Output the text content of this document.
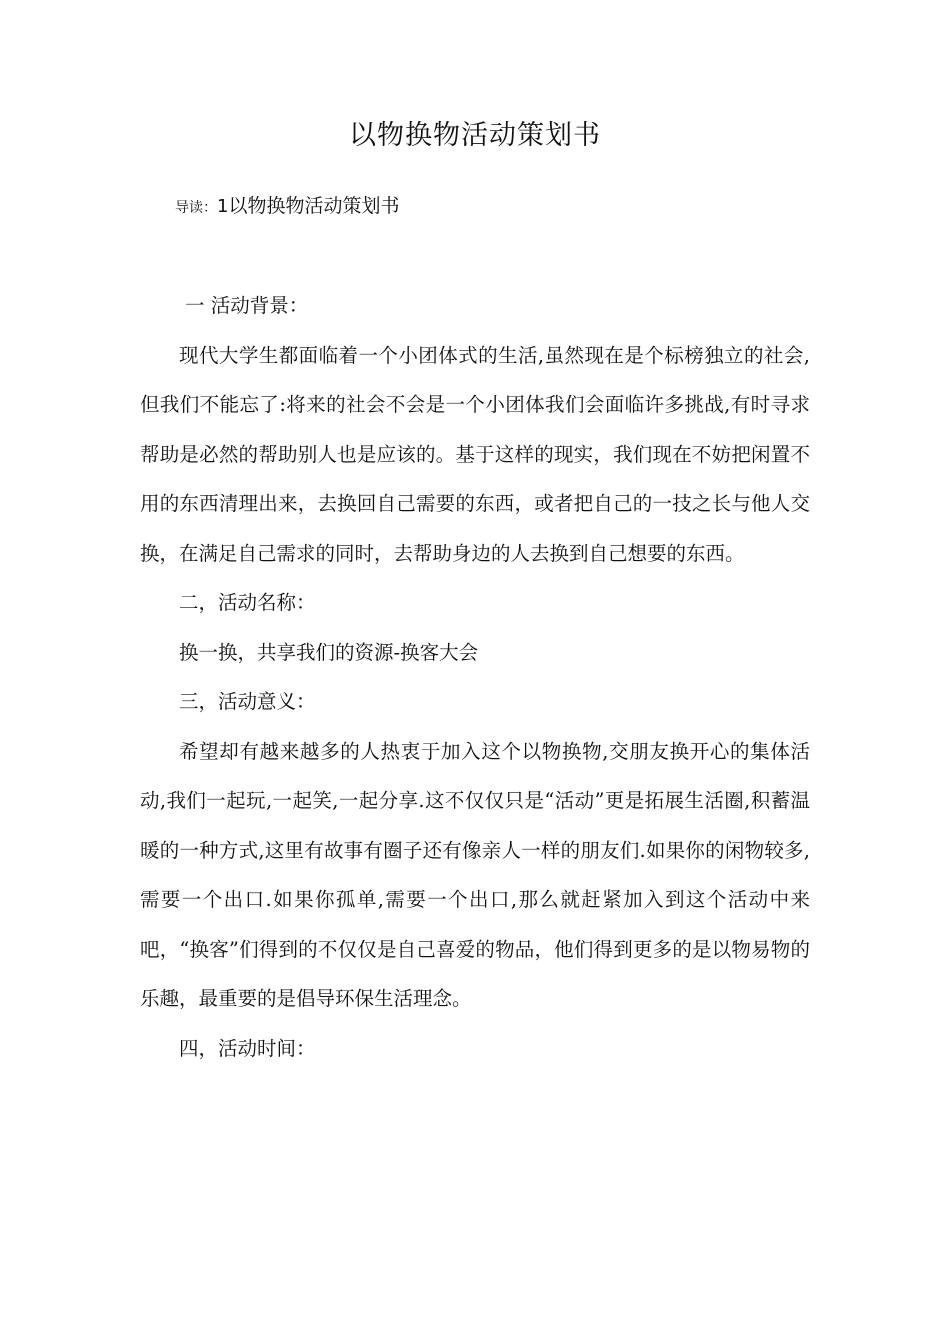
以物换物活动策划书
导读：1以物换物活动策划书

一 活动背景：

现代大学生都面临着一个小团体式的生活,虽然现在是个标榜独立的社会,但我们不能忘了:将来的社会不会是一个小团体我们会面临许多挑战,有时寻求帮助是必然的帮助别人也是应该的。基于这样的现实，我们现在不妨把闲置不用的东西清理出来，去换回自己需要的东西，或者把自己的一技之长与他人交换，在满足自己需求的同时，去帮助身边的人去换到自己想要的东西。

二，活动名称：

换一换，共享我们的资源-换客大会

三，活动意义：

希望却有越来越多的人热衷于加入这个以物换物,交朋友换开心的集体活动,我们一起玩,一起笑,一起分享.这不仅仅只是“活动”更是拓展生活圈,积蓄温暖的一种方式,这里有故事有圈子还有像亲人一样的朋友们.如果你的闲物较多,需要一个出口.如果你孤单,需要一个出口,那么就赶紧加入到这个活动中来吧，“换客”们得到的不仅仅是自己喜爱的物品，他们得到更多的是以物易物的乐趣，最重要的是倡导环保生活理念。

四，活动时间：
